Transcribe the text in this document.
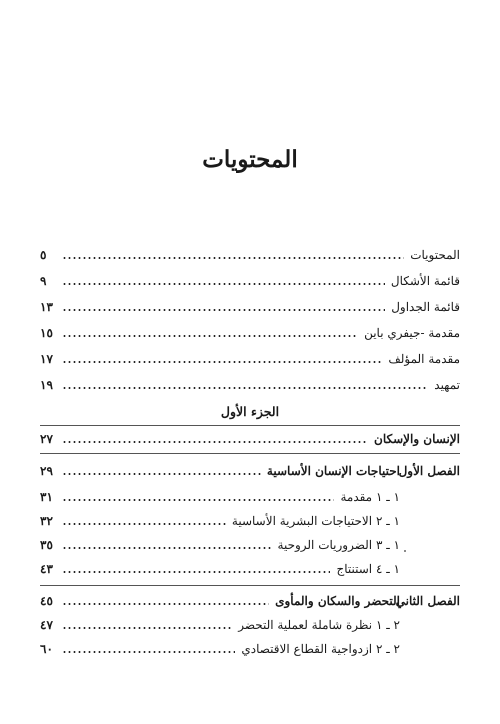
المحتويات
المحتويات
٥
قائمة الأشكال
٩
قائمة الجداول
١٣
مقدمة -جيفري باين
١٥
مقدمة المؤلف
١٧
تمهيد
١٩
الجزء الأول
الإنسان والإسكان
٢٧
الفصل الأول
احتياجات الإنسان الأساسية
٢٩
١ ـ ١ مقدمة
٣١
١ ـ ٢ الاحتياجات البشرية الأساسية
٣٢
١ ـ ٣ الضروريات الروحية
٣٥
١ ـ ٤ استنتاج
٤٣
الفصل الثاني
التحضر والسكان والمأوى
٤٥
٢ ـ ١ نظرة شاملة لعملية التحضر
٤٧
٢ ـ ٢ ازدواجية القطاع الاقتصادي
٦٠
